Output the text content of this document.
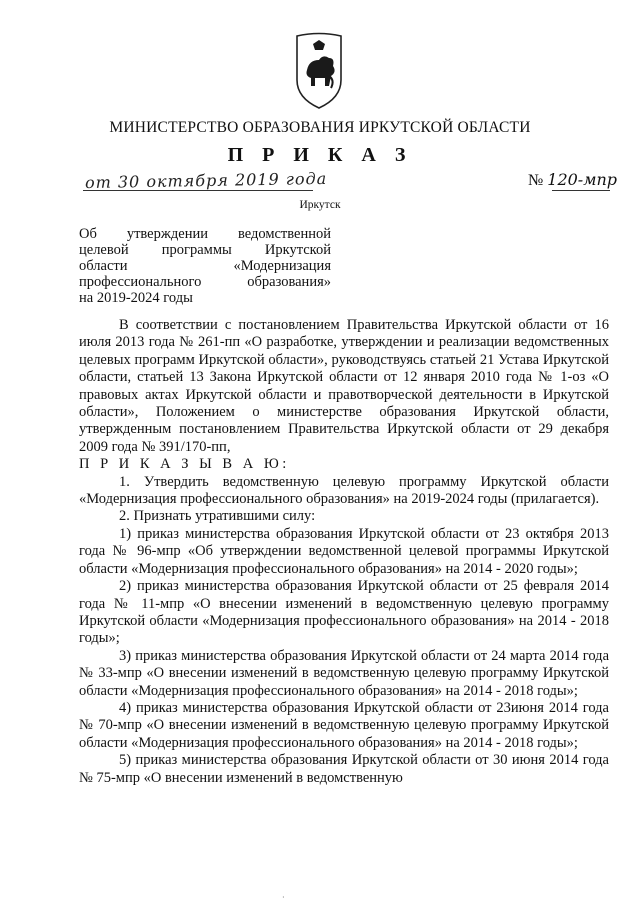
МИНИСТЕРСТВО ОБРАЗОВАНИЯ ИРКУТСКОЙ ОБЛАСТИ
П Р И К А З
от 30 октября 2019 года	№ 120-мпр
Иркутск
Об утверждении ведомственной
целевой программы Иркутской
области «Модернизация
профессионального образования»
на 2019-2024 годы
В соответствии с постановлением Правительства Иркутской области от 16 июля 2013 года № 261-пп «О разработке, утверждении и реализации ведомственных целевых программ Иркутской области», руководствуясь статьей 21 Устава Иркутской области, статьей 13 Закона Иркутской области от 12 января 2010 года № 1-оз «О правовых актах Иркутской области и правотворческой деятельности в Иркутской области», Положением о министерстве образования Иркутской области, утвержденным постановлением Правительства Иркутской области от 29 декабря 2009 года № 391/170-пп,
П Р И К А З Ы В А Ю:
1. Утвердить ведомственную целевую программу Иркутской области «Модернизация профессионального образования» на 2019-2024 годы (прилагается).
2. Признать утратившими силу:
1) приказ министерства образования Иркутской области от 23 октября 2013 года № 96-мпр «Об утверждении ведомственной целевой программы Иркутской области «Модернизация профессионального образования» на 2014 - 2020 годы»;
2) приказ министерства образования Иркутской области от 25 февраля 2014 года № 11-мпр «О внесении изменений в ведомственную целевую программу Иркутской области «Модернизация профессионального образования» на 2014 - 2018 годы»;
3) приказ министерства образования Иркутской области от 24 марта 2014 года № 33-мпр «О внесении изменений в ведомственную целевую программу Иркутской области «Модернизация профессионального образования» на 2014 - 2018 годы»;
4) приказ министерства образования Иркутской области от 23июня 2014 года № 70-мпр «О внесении изменений в ведомственную целевую программу Иркутской области «Модернизация профессионального образования» на 2014 - 2018 годы»;
5) приказ министерства образования Иркутской области от 30 июня 2014 года № 75-мпр «О внесении изменений в ведомственную
·
